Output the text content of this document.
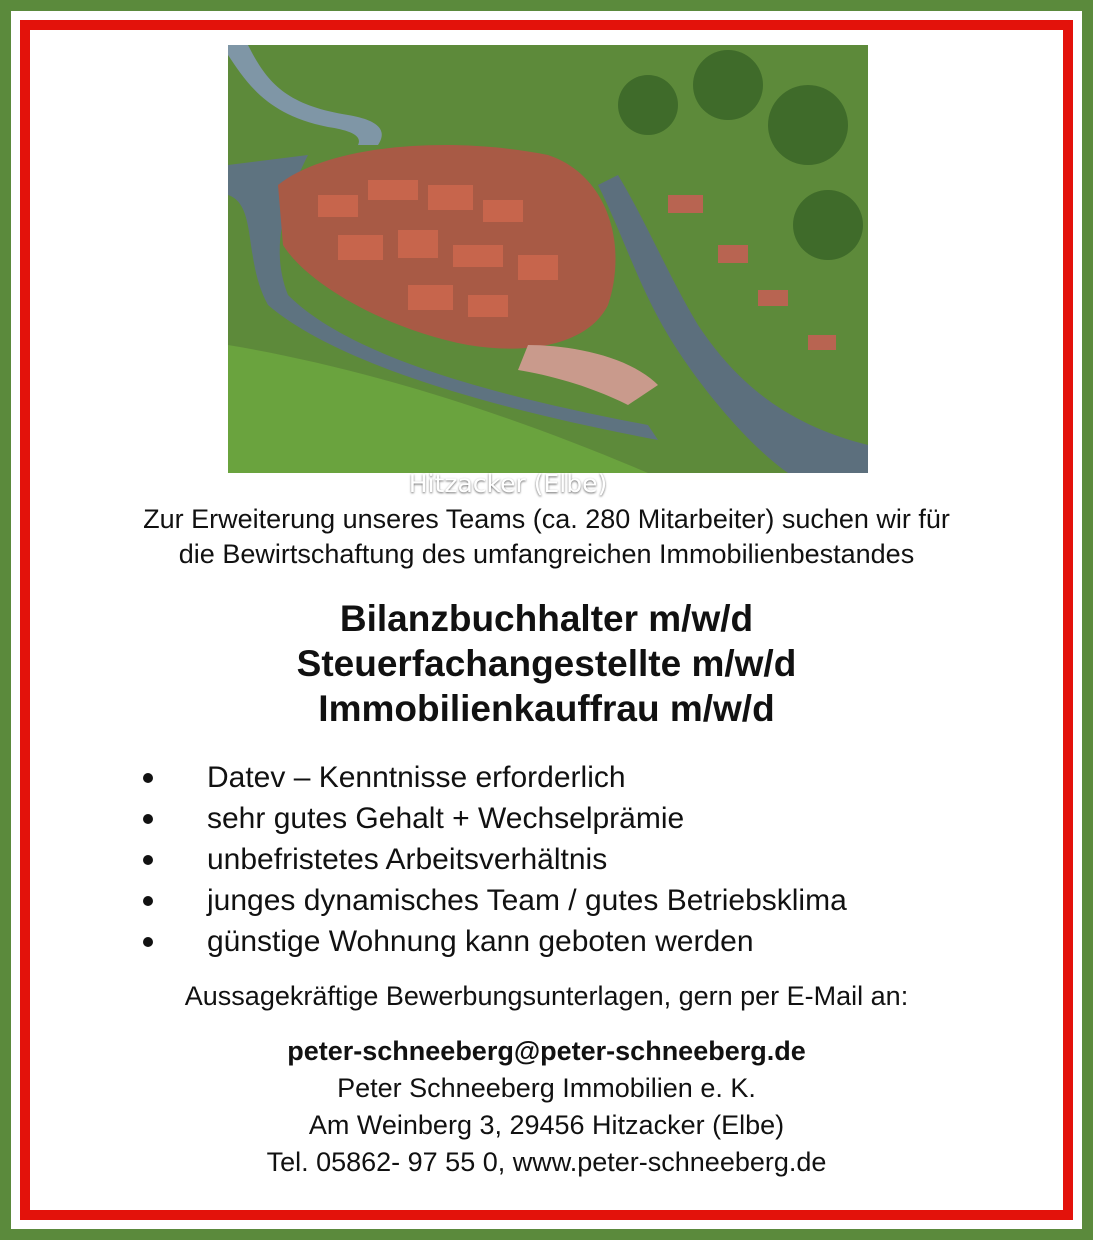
Hitzacker (Elbe)
Zur Erweiterung unseres Teams (ca. 280 Mitarbeiter) suchen wir für
die Bewirtschaftung des umfangreichen Immobilienbestandes
Bilanzbuchhalter m/w/d
Steuerfachangestellte m/w/d
Immobilienkauffrau m/w/d
Datev – Kenntnisse erforderlich
sehr gutes Gehalt + Wechselprämie
unbefristetes Arbeitsverhältnis
junges dynamisches Team / gutes Betriebsklima
günstige Wohnung kann geboten werden
Aussagekräftige Bewerbungsunterlagen, gern per E-Mail an:
peter-schneeberg@peter-schneeberg.de
Peter Schneeberg Immobilien e. K.
Am Weinberg 3, 29456 Hitzacker (Elbe)
Tel. 05862- 97 55 0, www.peter-schneeberg.de
